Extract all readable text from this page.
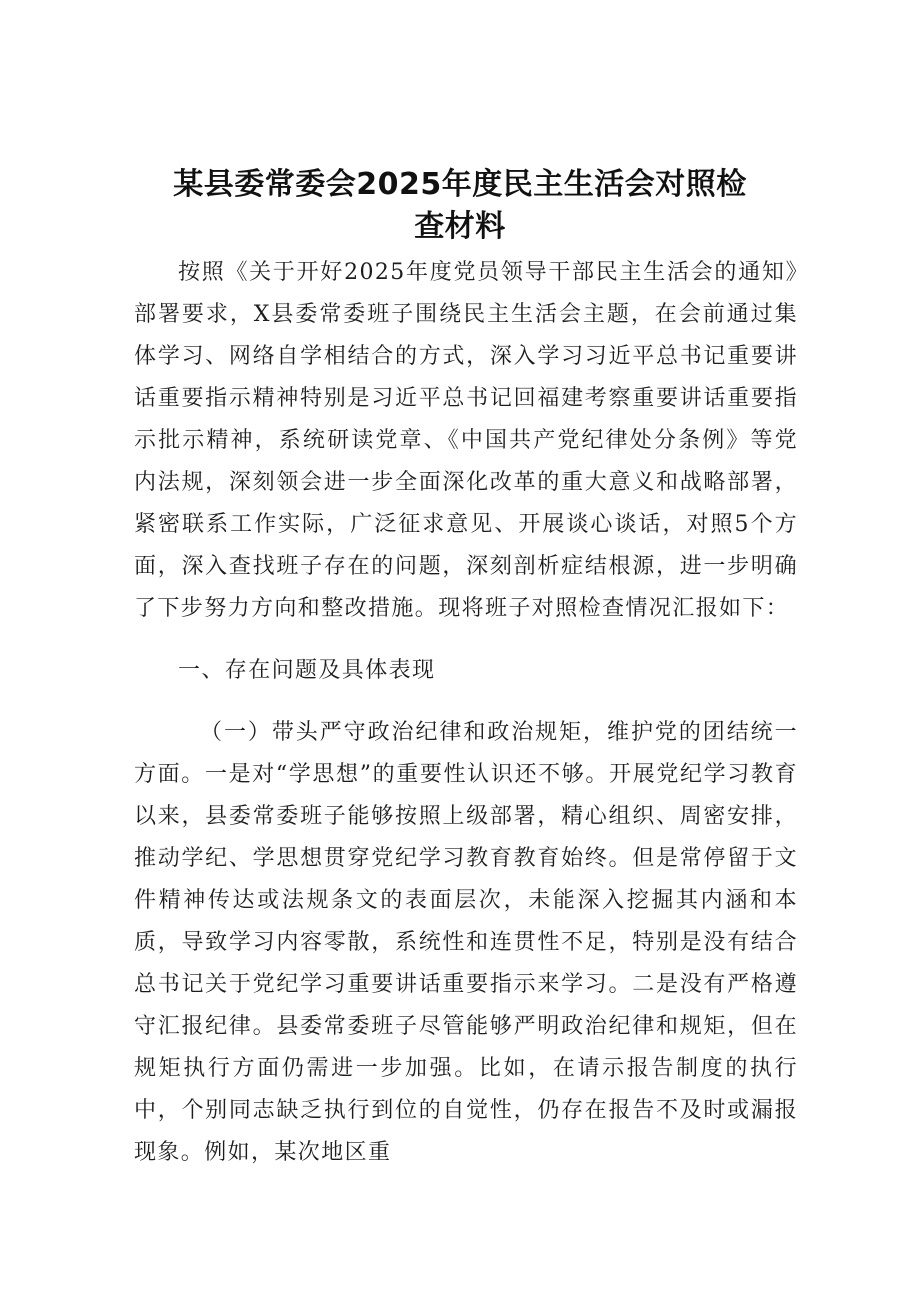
某县委常委会2025年度民主生活会对照检查材料

按照《关于开好2025年度党员领导干部民主生活会的通知》部署要求，X县委常委班子围绕民主生活会主题，在会前通过集体学习、网络自学相结合的方式，深入学习习近平总书记重要讲话重要指示精神特别是习近平总书记回福建考察重要讲话重要指示批示精神，系统研读党章、《中国共产党纪律处分条例》等党内法规，深刻领会进一步全面深化改革的重大意义和战略部署，紧密联系工作实际，广泛征求意见、开展谈心谈话，对照5个方面，深入查找班子存在的问题，深刻剖析症结根源，进一步明确了下步努力方向和整改措施。现将班子对照检查情况汇报如下：

一、存在问题及具体表现

（一）带头严守政治纪律和政治规矩，维护党的团结统一方面。一是对“学思想”的重要性认识还不够。开展党纪学习教育以来，县委常委班子能够按照上级部署，精心组织、周密安排，推动学纪、学思想贯穿党纪学习教育教育始终。但是常停留于文件精神传达或法规条文的表面层次，未能深入挖掘其内涵和本质，导致学习内容零散，系统性和连贯性不足，特别是没有结合总书记关于党纪学习重要讲话重要指示来学习。二是没有严格遵守汇报纪律。县委常委班子尽管能够严明政治纪律和规矩，但在规矩执行方面仍需进一步加强。比如，在请示报告制度的执行中，个别同志缺乏执行到位的自觉性，仍存在报告不及时或漏报现象。例如，某次地区重
